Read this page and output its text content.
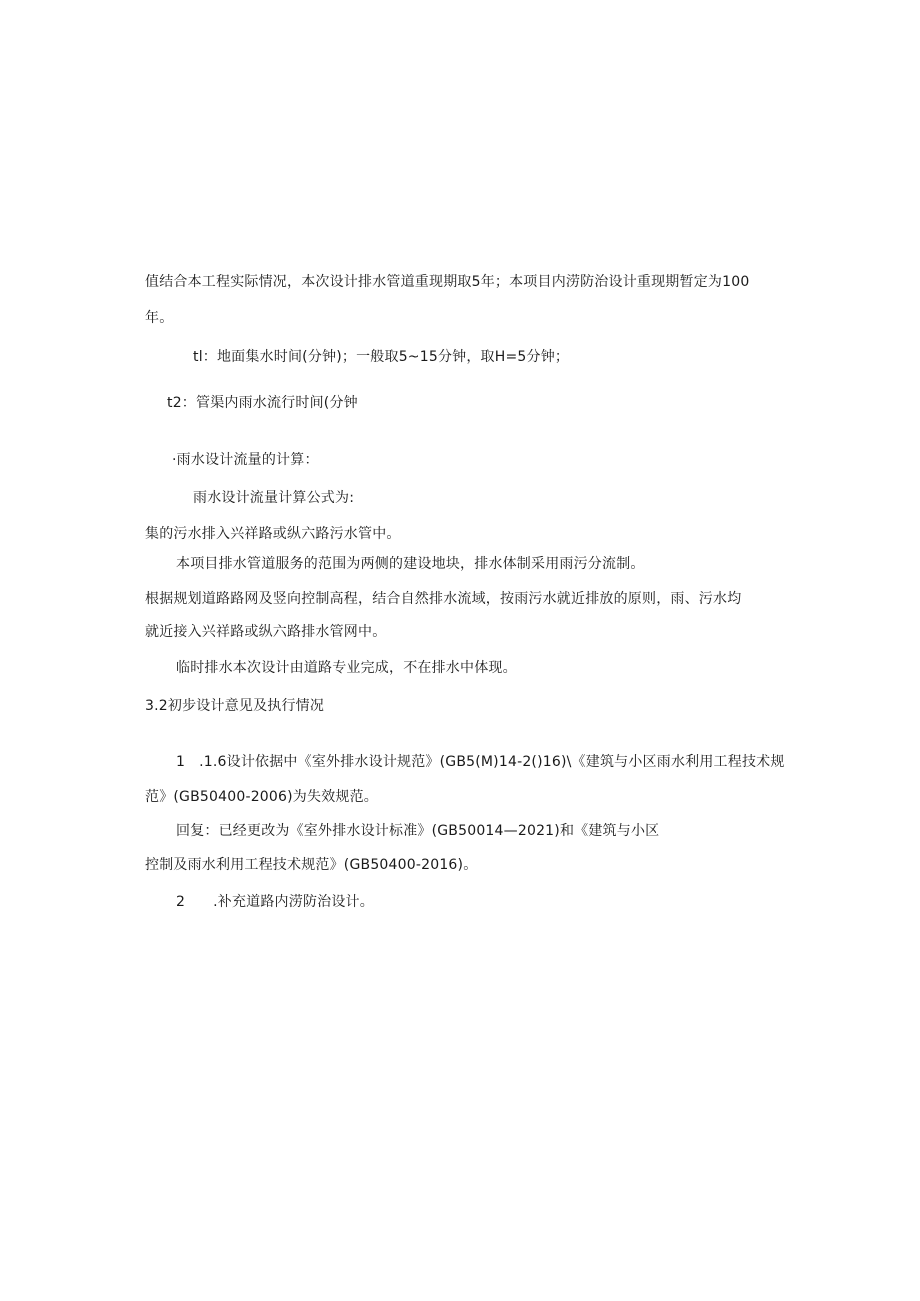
值结合本工程实际情况，本次设计排水管道重现期取5年；本项目内涝防治设计重现期暂定为100
年。
tl：地面集水时间(分钟)；一般取5~15分钟，取H=5分钟；
t2：管渠内雨水流行时间(分钟
·雨水设计流量的计算：
雨水设计流量计算公式为:
集的污水排入兴祥路或纵六路污水管中。
本项目排水管道服务的范围为两侧的建设地块，排水体制采用雨污分流制。
根据规划道路路网及竖向控制高程，结合自然排水流域，按雨污水就近排放的原则，雨、污水均
就近接入兴祥路或纵六路排水管网中。
临时排水本次设计由道路专业完成，不在排水中体现。
3.2初步设计意见及执行情况
1 .1.6设计依据中《室外排水设计规范》(GB5(M)14-2()16)\《建筑与小区雨水利用工程技术规
范》(GB50400-2006)为失效规范。
回复：已经更改为《室外排水设计标准》(GB50014—2021)和《建筑与小区
控制及雨水利用工程技术规范》(GB50400-2016)。
2 .补充道路内涝防治设计。
